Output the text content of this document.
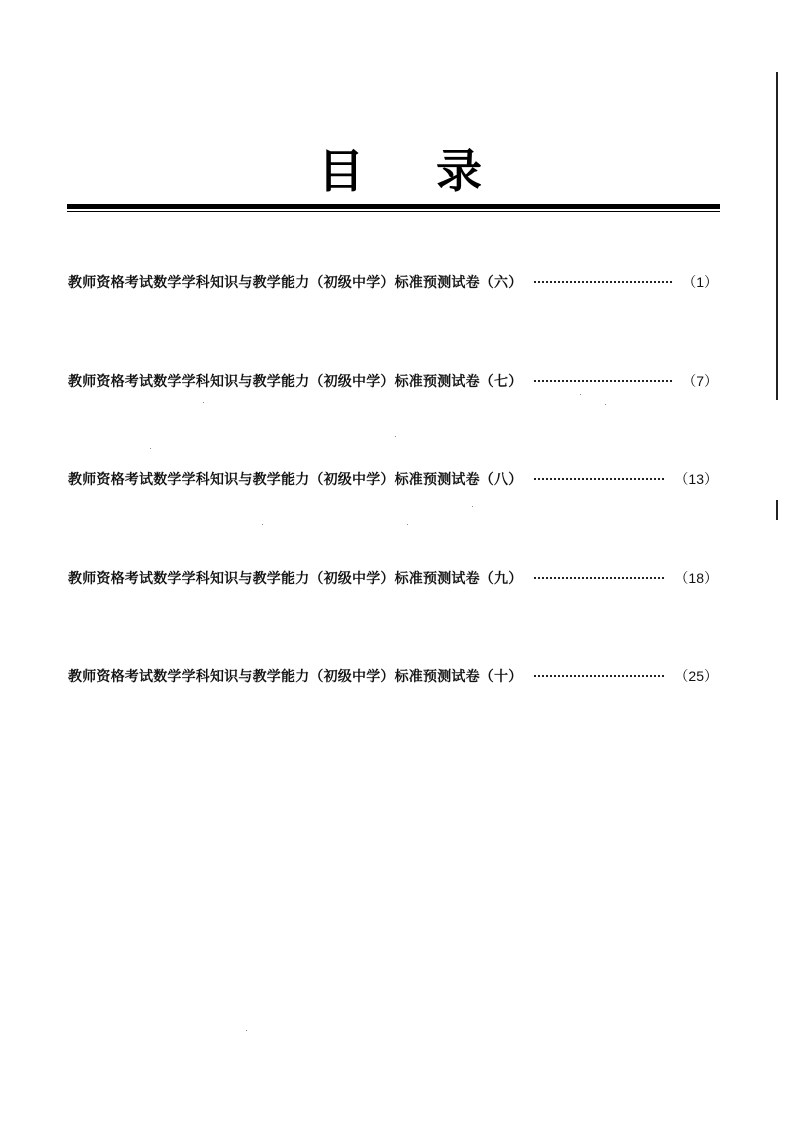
目 录
教师资格考试数学学科知识与教学能力（初级中学）标准预测试卷（六）	（1）
教师资格考试数学学科知识与教学能力（初级中学）标准预测试卷（七）	（7）
教师资格考试数学学科知识与教学能力（初级中学）标准预测试卷（八）	（13）
教师资格考试数学学科知识与教学能力（初级中学）标准预测试卷（九）	（18）
教师资格考试数学学科知识与教学能力（初级中学）标准预测试卷（十）	（25）
